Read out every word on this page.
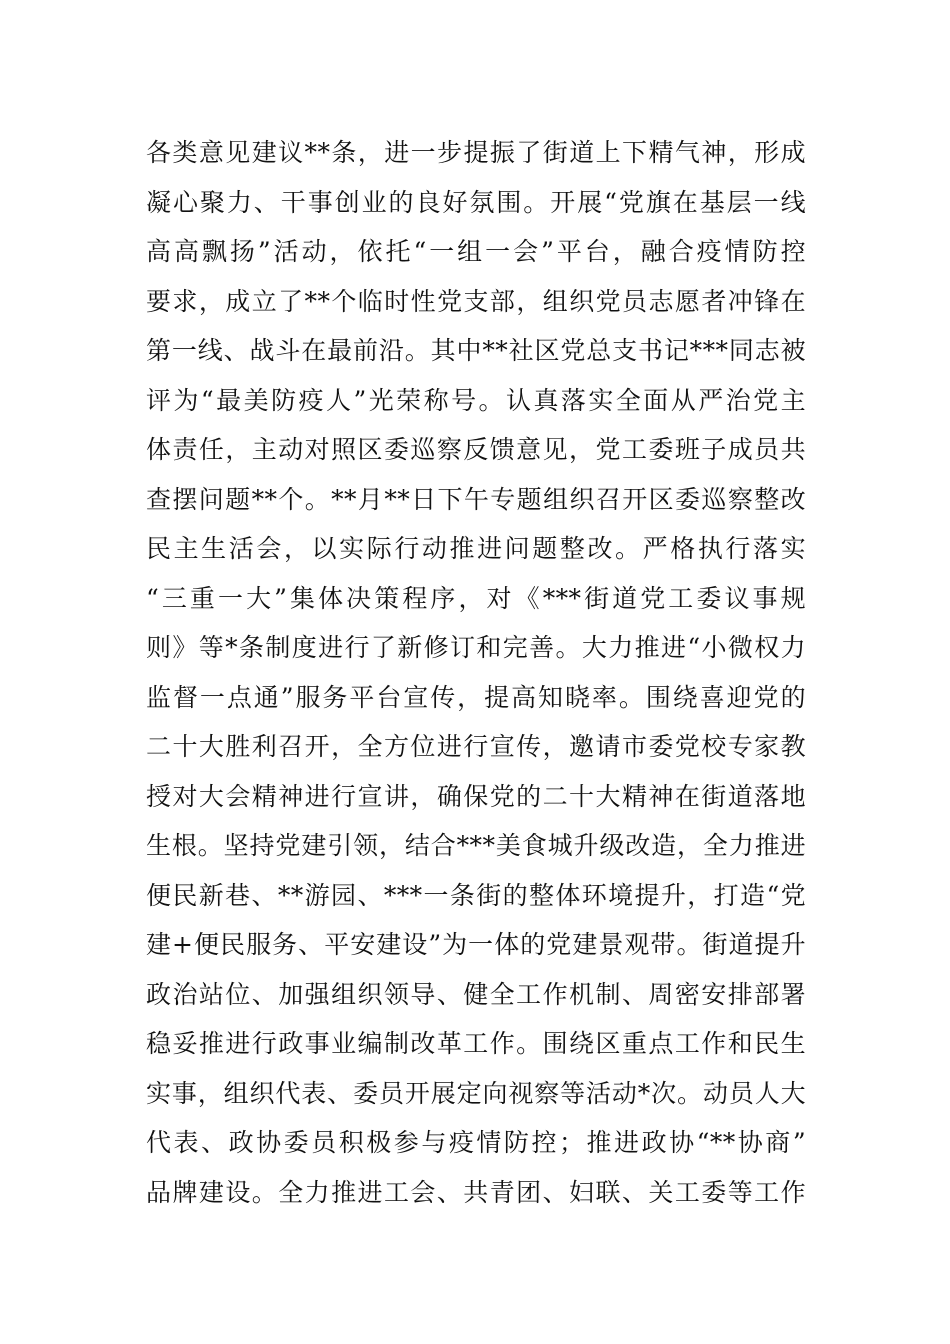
各类意见建议**条，进一步提振了街道上下精气神，形成
凝心聚力、干事创业的良好氛围。开展“党旗在基层一线
高高飘扬”活动，依托“一组一会”平台，融合疫情防控
要求，成立了**个临时性党支部，组织党员志愿者冲锋在
第一线、战斗在最前沿。其中**社区党总支书记***同志被
评为“最美防疫人”光荣称号。认真落实全面从严治党主
体责任，主动对照区委巡察反馈意见，党工委班子成员共
查摆问题**个。**月**日下午专题组织召开区委巡察整改
民主生活会，以实际行动推进问题整改。严格执行落实
“三重一大”集体决策程序，对《***街道党工委议事规
则》等*条制度进行了新修订和完善。大力推进“小微权力
监督一点通”服务平台宣传，提高知晓率。围绕喜迎党的
二十大胜利召开，全方位进行宣传，邀请市委党校专家教
授对大会精神进行宣讲，确保党的二十大精神在街道落地
生根。坚持党建引领，结合***美食城升级改造，全力推进
便民新巷、**游园、***一条街的整体环境提升，打造“党
建+便民服务、平安建设”为一体的党建景观带。街道提升
政治站位、加强组织领导、健全工作机制、周密安排部署
稳妥推进行政事业编制改革工作。围绕区重点工作和民生
实事，组织代表、委员开展定向视察等活动*次。动员人大
代表、政协委员积极参与疫情防控；推进政协“**协商”
品牌建设。全力推进工会、共青团、妇联、关工委等工作
